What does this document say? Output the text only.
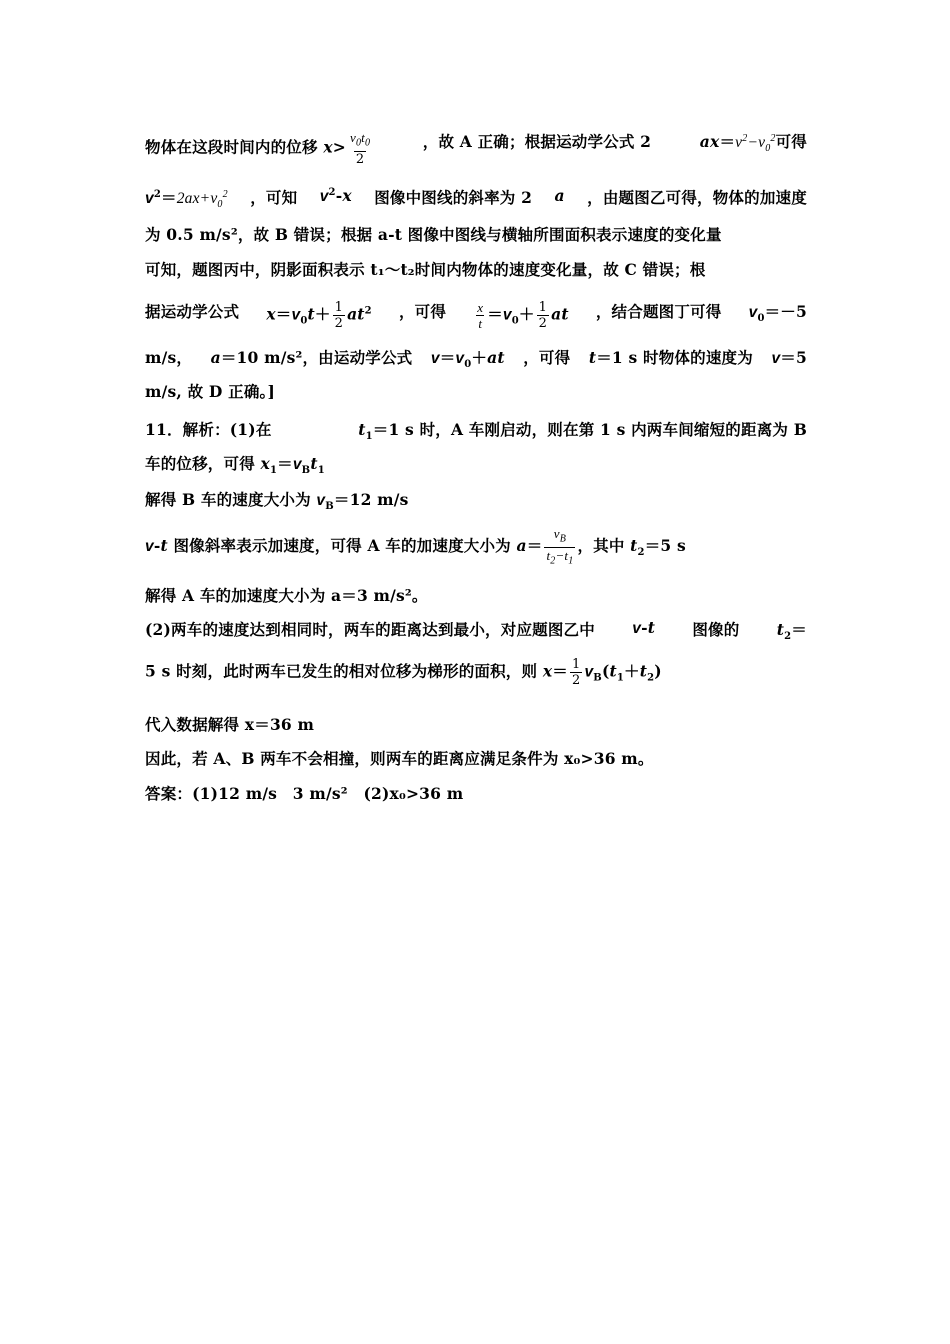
物体在这段时间内的位移 $x> \frac{v_0t_0}{2}$	，故 A 正确；根据运动学公式 2	$ax=v^2-v_0^2$可得
$v^2=2ax+v_0^2$ ，可知 $v^2-x$ 图像中图线的斜率为 2 a ，由题图乙可得，物体的加速度
为 0.5 m/s²，故 B 错误；根据 a-t 图像中图线与横轴所围面积表示速度的变化量
可知，题图丙中，阴影面积表示 t₁～t₂时间内物体的速度变化量，故 C 错误；根
据运动学公式 $x=v_0t+ \frac{1}{2} at^2$ ，可得 $\frac{x}{t} =v_0+ \frac{1}{2}$ at ，结合题图丁可得 $v_0=-5$
m/s， a＝10 m/s²，由运动学公式 $v=v_0+at$ ，可得 t＝1 s 时物体的速度为 v＝5
m/s, 故 D 正确。]
11．解析：(1)在	$t_1=1$ s 时，A 车刚启动，则在第 1 s 内两车间缩短的距离为 B
车的位移，可得 $x_1=v_Bt_1$
解得 B 车的速度大小为 $v_B=12$ m/s
v-t 图像斜率表示加速度，可得 A 车的加速度大小为 $a= \frac{v_B}{t_2-t_1}$ ，其中 $t_2=5$ s
解得 A 车的加速度大小为 a＝3 m/s²。
(2)两车的速度达到相同时，两车的距离达到最小，对应题图乙中 v-t 图像的 $t_2=$
5 s 时刻，此时两车已发生的相对位移为梯形的面积，则 $x= \frac{1}{2} v_B(t_1+t_2)$
代入数据解得 x＝36 m
因此，若 A、B 两车不会相撞，则两车的距离应满足条件为 x₀>36 m。
答案：(1)12 m/s　3 m/s²　(2)x₀>36 m
